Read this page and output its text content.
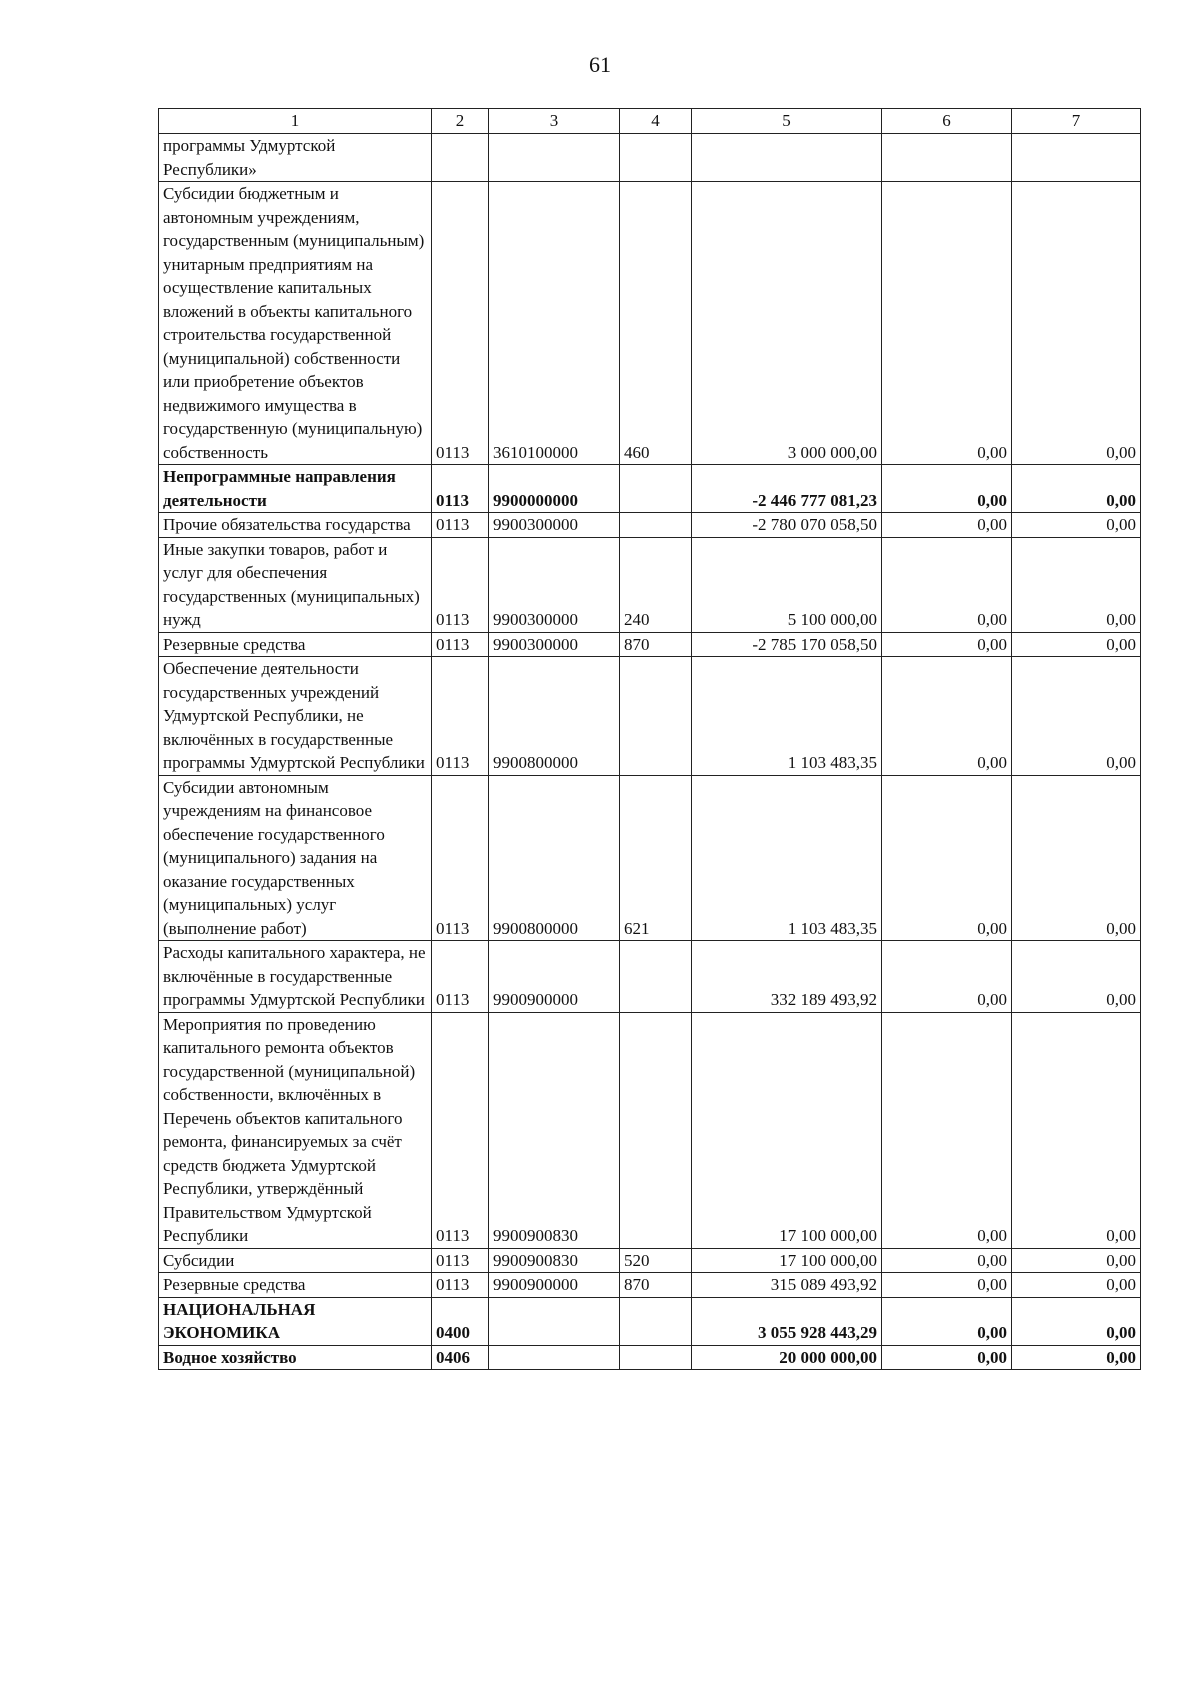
61
1	2	3	4	5	6	7
программы Удмуртской Республики»						
Субсидии бюджетным и автономным учреждениям, государственным (муниципальным) унитарным предприятиям на осуществление капитальных вложений в объекты капитального строительства государственной (муниципальной) собственности или приобретение объектов недвижимого имущества в государственную (муниципальную) собственность	0113	3610100000	460	3 000 000,00	0,00	0,00
Непрограммные направления деятельности	0113	9900000000		-2 446 777 081,23	0,00	0,00
Прочие обязательства государства	0113	9900300000		-2 780 070 058,50	0,00	0,00
Иные закупки товаров, работ и услуг для обеспечения государственных (муниципальных) нужд	0113	9900300000	240	5 100 000,00	0,00	0,00
Резервные средства	0113	9900300000	870	-2 785 170 058,50	0,00	0,00
Обеспечение деятельности государственных учреждений Удмуртской Республики, не включённых в государственные программы Удмуртской Республики	0113	9900800000		1 103 483,35	0,00	0,00
Субсидии автономным учреждениям на финансовое обеспечение государственного (муниципального) задания на оказание государственных (муниципальных) услуг (выполнение работ)	0113	9900800000	621	1 103 483,35	0,00	0,00
Расходы капитального характера, не включённые в государственные программы Удмуртской Республики	0113	9900900000		332 189 493,92	0,00	0,00
Мероприятия по проведению капитального ремонта объектов государственной (муниципальной) собственности, включённых в Перечень объектов капитального ремонта, финансируемых за счёт средств бюджета Удмуртской Республики, утверждённый Правительством Удмуртской Республики	0113	9900900830		17 100 000,00	0,00	0,00
Субсидии	0113	9900900830	520	17 100 000,00	0,00	0,00
Резервные средства	0113	9900900000	870	315 089 493,92	0,00	0,00
НАЦИОНАЛЬНАЯ ЭКОНОМИКА	0400			3 055 928 443,29	0,00	0,00
Водное хозяйство	0406			20 000 000,00	0,00	0,00
